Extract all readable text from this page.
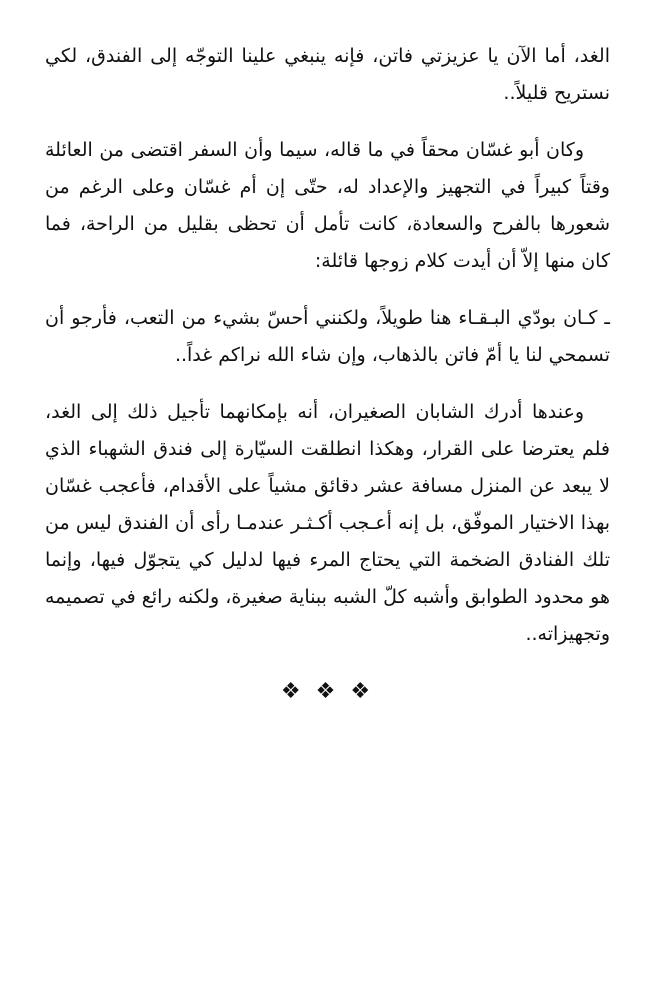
الغد، أما الآن يا عزيزتي فاتن، فإنه ينبغي علينا التوجّه إلى الفندق، لكي نستريح قليلاً..

وكان أبو غسّان محقاً في ما قاله، سيما وأن السفر اقتضى من العائلة وقتاً كبيراً في التجهيز والإعداد له، حتّى إن أم غسّان وعلى الرغم من شعورها بالفرح والسعادة، كانت تأمل أن تحظى بقليل من الراحة، فما كان منها إلاّ أن أيدت كلام زوجها قائلة:

ـ كـان بودّي البـقـاء هنا طويلاً، ولكنني أحسّ بشيء من التعب، فأرجو أن تسمحي لنا يا أمّ فاتن بالذهاب، وإن شاء الله نراكم غداً..

وعندها أدرك الشابان الصغيران، أنه بإمكانهما تأجيل ذلك إلى الغد، فلم يعترضا على القرار، وهكذا انطلقت السيّارة إلى فندق الشهباء الذي لا يبعد عن المنزل مسافة عشر دقائق مشياً على الأقدام، فأعجب غسّان بهذا الاختيار الموفّق، بل إنه أعـجب أكـثـر عندمـا رأى أن الفندق ليس من تلك الفنادق الضخمة التي يحتاج المرء فيها لدليل كي يتجوّل فيها، وإنما هو محدود الطوابق وأشبه كلّ الشبه ببناية صغيرة، ولكنه رائع في تصميمه وتجهيزاته..

❖ ❖ ❖
